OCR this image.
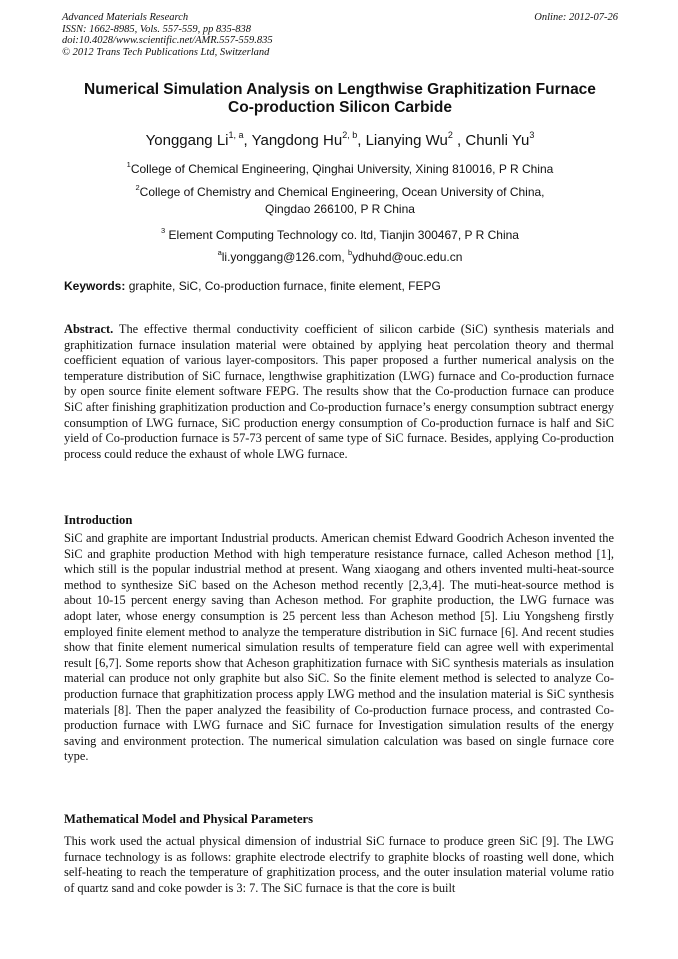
Advanced Materials Research
ISSN: 1662-8985, Vols. 557-559, pp 835-838
doi:10.4028/www.scientific.net/AMR.557-559.835
© 2012 Trans Tech Publications Ltd, Switzerland
Online: 2012-07-26
Numerical Simulation Analysis on Lengthwise Graphitization Furnace
Co-production Silicon Carbide
Yonggang Li$^{1, a}$, Yangdong Hu$^{2, b}$, Lianying Wu$^2$ , Chunli Yu$^3$
$^1$College of Chemical Engineering, Qinghai University, Xining 810016, P R China
$^2$College of Chemistry and Chemical Engineering, Ocean University of China,
Qingdao 266100, P R China
$^3$ Element Computing Technology co. ltd, Tianjin 300467, P R China
$^a$li.yonggang@126.com, $^b$ydhuhd@ouc.edu.cn
Keywords: graphite, SiC, Co-production furnace, finite element, FEPG
Abstract. The effective thermal conductivity coefficient of silicon carbide (SiC) synthesis materials and graphitization furnace insulation material were obtained by applying heat percolation theory and thermal coefficient equation of various layer-compositors. This paper proposed a further numerical analysis on the temperature distribution of SiC furnace, lengthwise graphitization (LWG) furnace and Co-production furnace by open source finite element software FEPG. The results show that the Co-production furnace can produce SiC after finishing graphitization production and Co-production furnace’s energy consumption subtract energy consumption of LWG furnace, SiC production energy consumption of Co-production furnace is half and SiC yield of Co-production furnace is 57-73 percent of same type of SiC furnace. Besides, applying Co-production process could reduce the exhaust of whole LWG furnace.
Introduction
SiC and graphite are important Industrial products. American chemist Edward Goodrich Acheson invented the SiC and graphite production Method with high temperature resistance furnace, called Acheson method [1], which still is the popular industrial method at present. Wang xiaogang and others invented multi-heat-source method to synthesize SiC based on the Acheson method recently [2,3,4]. The muti-heat-source method is about 10-15 percent energy saving than Acheson method. For graphite production, the LWG furnace was adopt later, whose energy consumption is 25 percent less than Acheson method [5]. Liu Yongsheng firstly employed finite element method to analyze the temperature distribution in SiC furnace [6]. And recent studies show that finite element numerical simulation results of temperature field can agree well with experimental result [6,7]. Some reports show that Acheson graphitization furnace with SiC synthesis materials as insulation material can produce not only graphite but also SiC. So the finite element method is selected to analyze Co-production furnace that graphitization process apply LWG method and the insulation material is SiC synthesis materials [8]. Then the paper analyzed the feasibility of Co-production furnace process, and contrasted Co-production furnace with LWG furnace and SiC furnace for Investigation simulation results of the energy saving and environment protection. The numerical simulation calculation was based on single furnace core type.
Mathematical Model and Physical Parameters
This work used the actual physical dimension of industrial SiC furnace to produce green SiC [9]. The LWG furnace technology is as follows: graphite electrode electrify to graphite blocks of roasting well done, which self-heating to reach the temperature of graphitization process, and the outer insulation material volume ratio of quartz sand and coke powder is 3: 7. The SiC furnace is that the core is built
